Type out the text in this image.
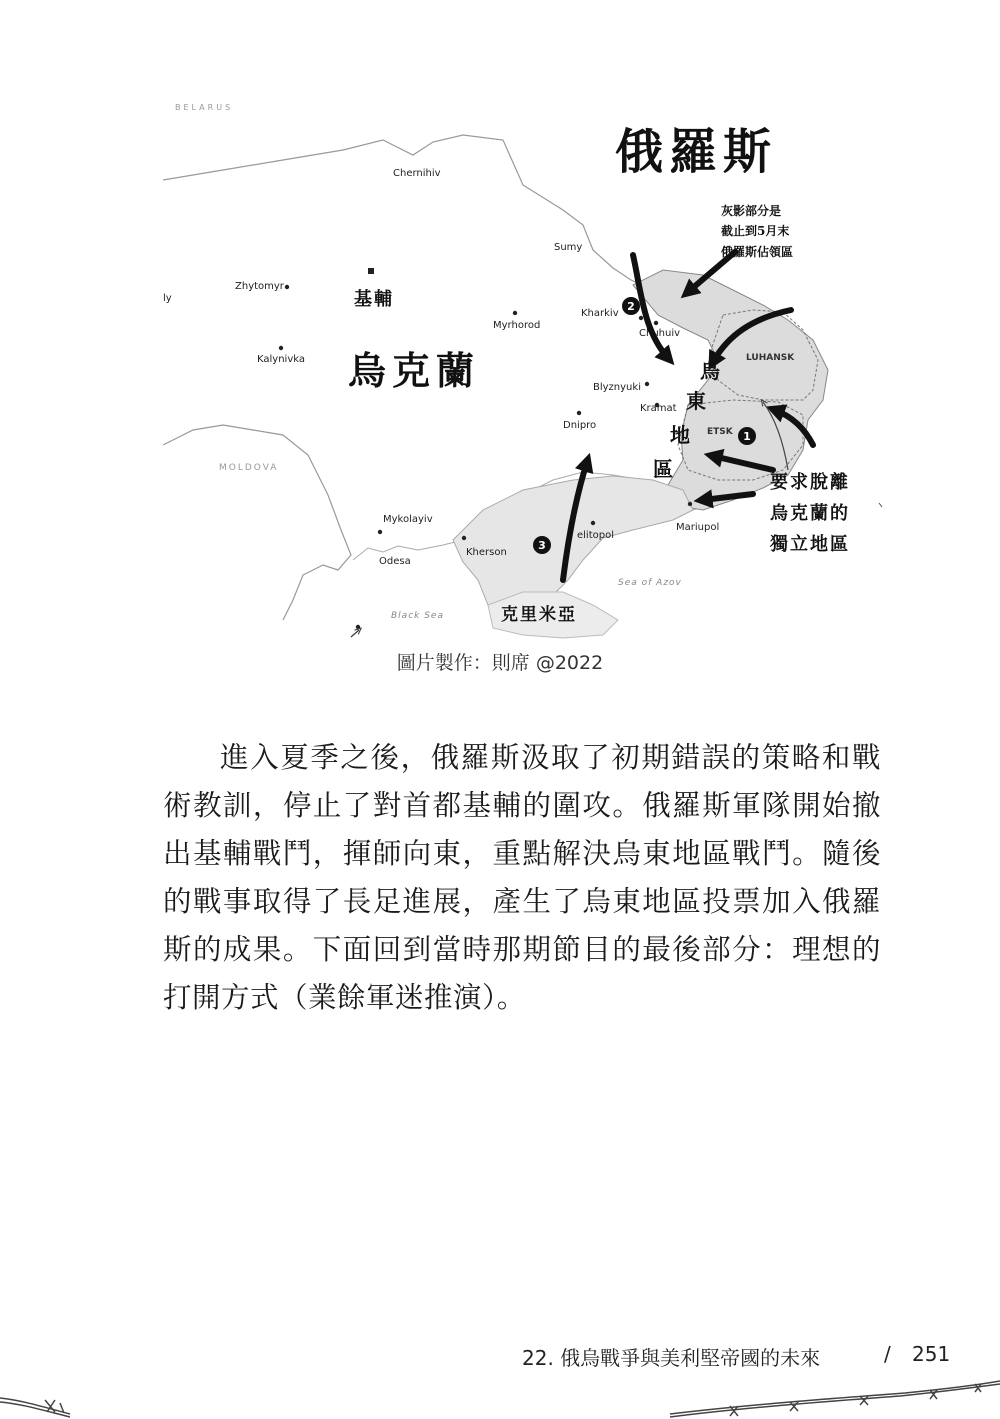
BELARUS
MOLDOVA
Black Sea
Sea of Azov
LUHANSK
ETSK
Chernihiv
Sumy
Zhytomyr
ly
Kharkiv
Chuhuiv
Myrhorod
Kalynivka
Blyznyuki
Kramat
Dnipro
Mykolayiv
Odesa
Kherson
elitopol
Mariupol
俄羅斯
烏克蘭
基輔
克里米亞
烏
東
地
區
灰影部分是
截止到5月末
俄羅斯佔領區
要求脫離
烏克蘭的
獨立地區
2
1
3
圖片製作：則席 @2022

進入夏季之後，俄羅斯汲取了初期錯誤的策略和戰術教訓，停止了對首都基輔的圍攻。俄羅斯軍隊開始撤出基輔戰鬥，揮師向東，重點解決烏東地區戰鬥。隨後的戰事取得了長足進展，產生了烏東地區投票加入俄羅斯的成果。下面回到當時那期節目的最後部分：理想的打開方式（業餘軍迷推演）。

22. 俄烏戰爭與美利堅帝國的未來	/ 251
